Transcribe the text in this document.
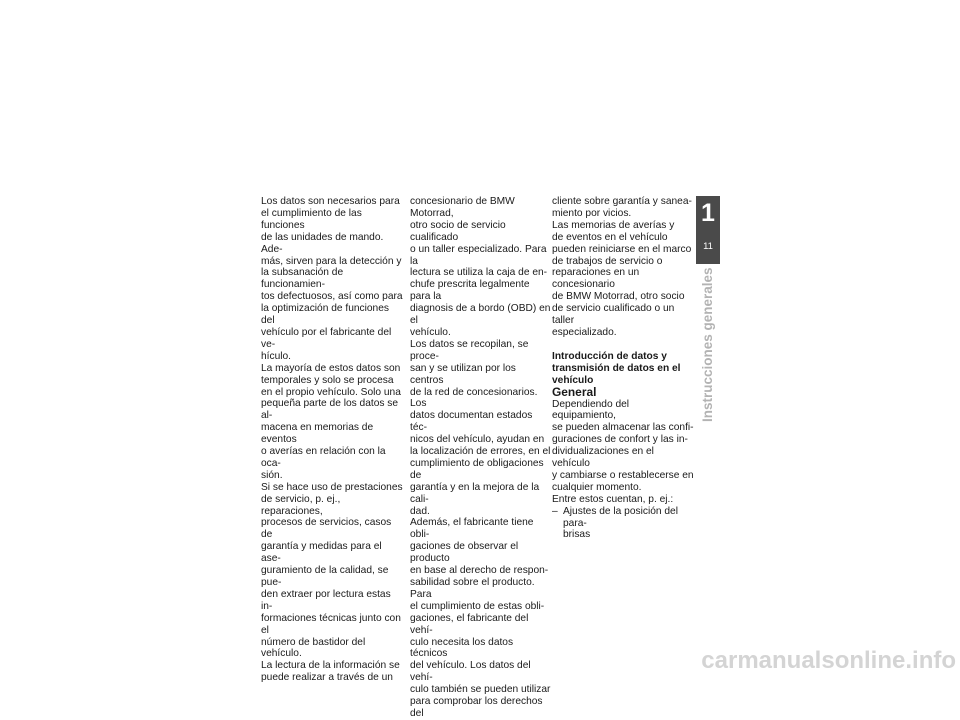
Los datos son necesarios para
el cumplimiento de las funciones
de las unidades de mando. Ade-
más, sirven para la detección y
la subsanación de funcionamien-
tos defectuosos, así como para
la optimización de funciones del
vehículo por el fabricante del ve-
hículo.

La mayoría de estos datos son
temporales y solo se procesa
en el propio vehículo. Solo una
pequeña parte de los datos se al-
macena en memorias de eventos
o averías en relación con la oca-
sión.

Si se hace uso de prestaciones
de servicio, p. ej., reparaciones,
procesos de servicios, casos de
garantía y medidas para el ase-
guramiento de la calidad, se pue-
den extraer por lectura estas in-
formaciones técnicas junto con el
número de bastidor del vehículo.

La lectura de la información se
puede realizar a través de un

concesionario de BMW Motorrad,
otro socio de servicio cualificado
o un taller especializado. Para la
lectura se utiliza la caja de en-
chufe prescrita legalmente para la
diagnosis de a bordo (OBD) en el
vehículo.

Los datos se recopilan, se proce-
san y se utilizan por los centros
de la red de concesionarios. Los
datos documentan estados téc-
nicos del vehículo, ayudan en
la localización de errores, en el
cumplimiento de obligaciones de
garantía y en la mejora de la cali-
dad.

Además, el fabricante tiene obli-
gaciones de observar el producto
en base al derecho de respon-
sabilidad sobre el producto. Para
el cumplimiento de estas obli-
gaciones, el fabricante del vehí-
culo necesita los datos técnicos
del vehículo. Los datos del vehí-
culo también se pueden utilizar
para comprobar los derechos del

cliente sobre garantía y sanea-
miento por vicios.

Las memorias de averías y
de eventos en el vehículo
pueden reiniciarse en el marco
de trabajos de servicio o
reparaciones en un concesionario
de BMW Motorrad, otro socio
de servicio cualificado o un taller
especializado.

Introducción de datos y
transmisión de datos en el
vehículo
General

Dependiendo del equipamiento,
se pueden almacenar las confi-
guraciones de confort y las in-
dividualizaciones en el vehículo
y cambiarse o restablecerse en
cualquier momento.

Entre estos cuentan, p. ej.:

– Ajustes de la posición del para-
brisas
1
11
Instrucciones generales
carmanualsonline.info
